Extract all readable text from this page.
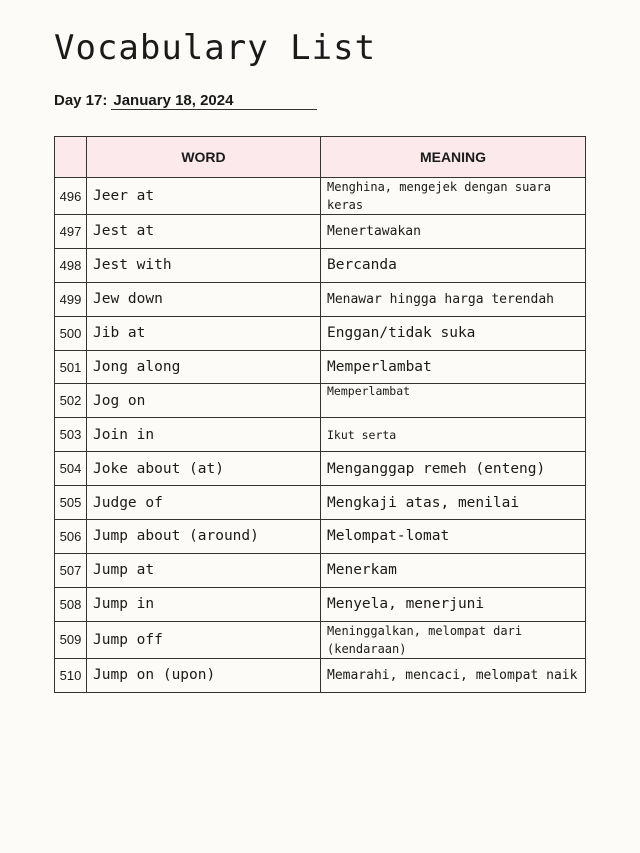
Vocabulary List
Day 17: January 18, 2024
	WORD	MEANING
496	Jeer at	Menghina, mengejek dengan suara keras
497	Jest at	Menertawakan
498	Jest with	Bercanda
499	Jew down	Menawar hingga harga terendah
500	Jib at	Enggan/tidak suka
501	Jong along	Memperlambat
502	Jog on	Memperlambat
503	Join in	Ikut serta
504	Joke about (at)	Menganggap remeh (enteng)
505	Judge of	Mengkaji atas, menilai
506	Jump about (around)	Melompat-lomat
507	Jump at	Menerkam
508	Jump in	Menyela, menerjuni
509	Jump off	Meninggalkan, melompat dari (kendaraan)
510	Jump on (upon)	Memarahi, mencaci, melompat naik
